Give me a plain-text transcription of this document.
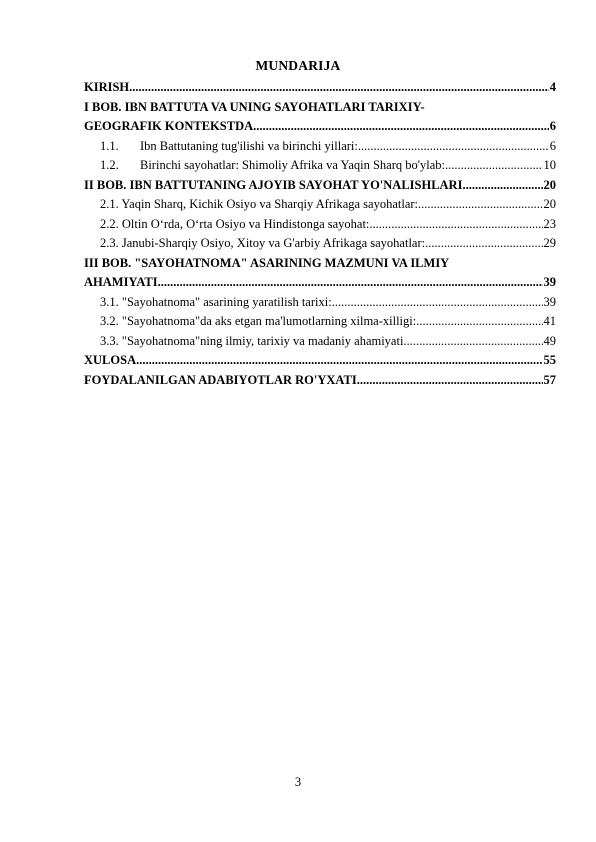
MUNDARIJA
KIRISH .....	4
I BOB. IBN BATTUTA VA UNING SAYOHATLARI TARIXIY-
GEOGRAFIK KONTEKSTDA .....	6
1.1. Ibn Battutaning tug'ilishi va birinchi yillari: .....	6
1.2. Birinchi sayohatlar: Shimoliy Afrika va Yaqin Sharq bo'ylab: .....	10
II BOB. IBN BATTUTANING AJOYIB SAYOHAT YO'NALISHLARI .....	20
2.1. Yaqin Sharq, Kichik Osiyo va Sharqiy Afrikaga sayohatlar: .....	20
2.2. Oltin O‘rda, O‘rta Osiyo va Hindistonga sayohat: .....	23
2.3. Janubi-Sharqiy Osiyo, Xitoy va G'arbiy Afrikaga sayohatlar: .....	29
III BOB. "SAYOHATNOMA" ASARINING MAZMUNI VA ILMIY
AHAMIYATI .....	39
3.1. "Sayohatnoma" asarining yaratilish tarixi: .....	39
3.2. "Sayohatnoma"da aks etgan ma'lumotlarning xilma-xilligi: .....	41
3.3. "Sayohatnoma"ning ilmiy, tarixiy va madaniy ahamiyati .....	49
XULOSA .....	55
FOYDALANILGAN ADABIYOTLAR RO'YXATI .....	57
3
